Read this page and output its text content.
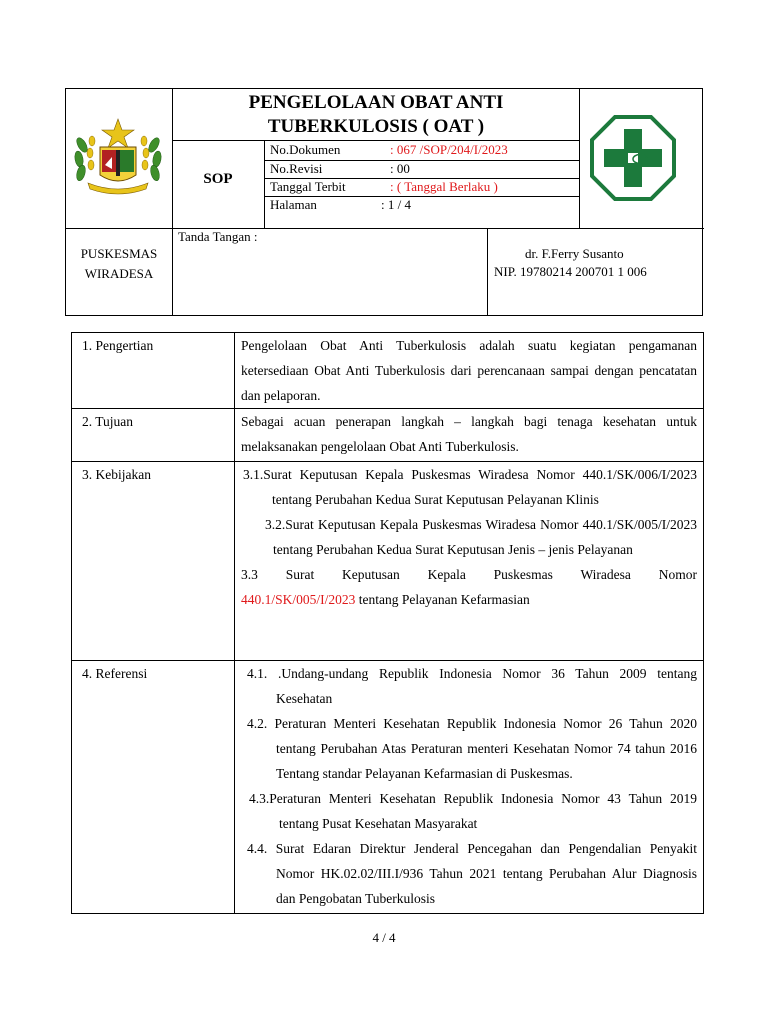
PENGELOLAAN OBAT ANTI
TUBERKULOSIS ( OAT )
SOP
No.Dokumen	: 067 /SOP/204/I/2023
No.Revisi	: 00
Tanggal Terbit	: ( Tanggal Berlaku )
Halaman	: 1 / 4
PUSKESMAS
WIRADESA
Tanda Tangan :
dr. F.Ferry Susanto
NIP. 19780214 200701 1 006
1. Pengertian	Pengelolaan Obat Anti Tuberkulosis adalah suatu kegiatan pengamanan ketersediaan Obat Anti Tuberkulosis dari perencanaan sampai dengan pencatatan dan pelaporan.
2. Tujuan	Sebagai acuan penerapan langkah – langkah bagi tenaga kesehatan untuk melaksanakan pengelolaan Obat Anti Tuberkulosis.
3. Kebijakan	3.1.Surat Keputusan Kepala Puskesmas Wiradesa Nomor 440.1/SK/006/I/2023 tentang Perubahan Kedua Surat Keputusan Pelayanan Klinis
3.2.Surat Keputusan Kepala Puskesmas Wiradesa Nomor 440.1/SK/005/I/2023 tentang Perubahan Kedua Surat Keputusan Jenis – jenis Pelayanan
3.3    Surat    Keputusan    Kepala    Puskesmas    Wiradesa    Nomor
440.1/SK/005/I/2023 tentang Pelayanan Kefarmasian

4. Referensi	4.1. .Undang-undang Republik Indonesia Nomor 36 Tahun 2009 tentang Kesehatan
4.2. Peraturan Menteri Kesehatan Republik Indonesia Nomor 26 Tahun 2020 tentang Perubahan Atas Peraturan menteri Kesehatan Nomor 74 tahun 2016 Tentang standar Pelayanan Kefarmasian di Puskesmas.
4.3.Peraturan Menteri Kesehatan Republik Indonesia Nomor 43 Tahun 2019 tentang Pusat Kesehatan Masyarakat
4.4. Surat Edaran Direktur Jenderal Pencegahan dan Pengendalian Penyakit Nomor HK.02.02/III.I/936 Tahun 2021 tentang Perubahan Alur Diagnosis dan Pengobatan Tuberkulosis
4 / 4
